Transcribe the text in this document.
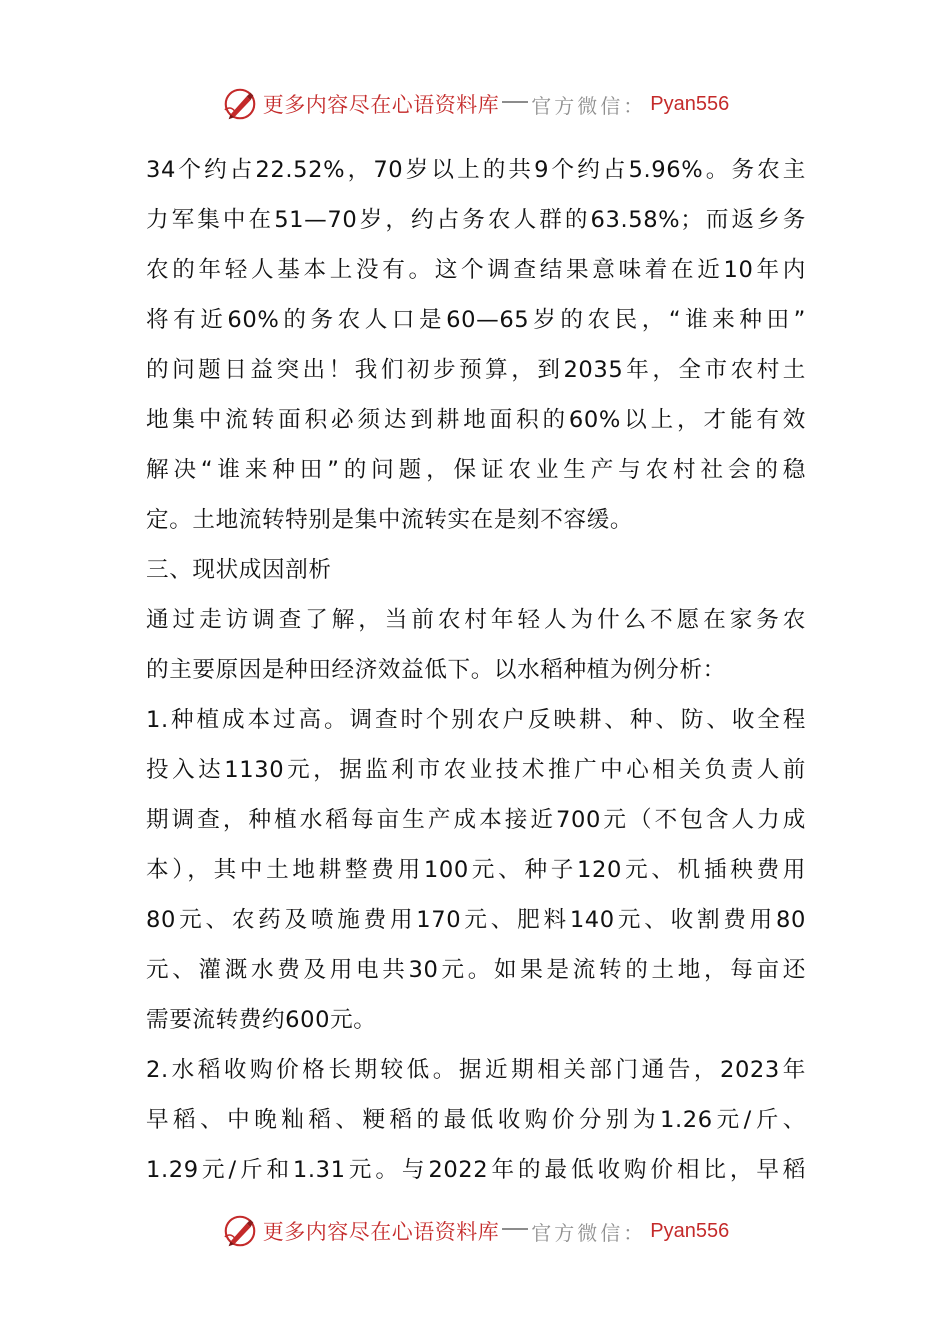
更多内容尽在心语资料库 官方微信： Pyan556
34个约占22.52%，70岁以上的共9个约占5.96%。务农主
力军集中在51—70岁，约占务农人群的63.58%；而返乡务
农的年轻人基本上没有。这个调查结果意味着在近10年内
将有近60%的务农人口是60—65岁的农民，“谁来种田”
的问题日益突出！我们初步预算，到2035年，全市农村土
地集中流转面积必须达到耕地面积的60%以上，才能有效
解决“谁来种田”的问题，保证农业生产与农村社会的稳
定。土地流转特别是集中流转实在是刻不容缓。
三、现状成因剖析
通过走访调查了解，当前农村年轻人为什么不愿在家务农
的主要原因是种田经济效益低下。以水稻种植为例分析：
1.种植成本过高。调查时个别农户反映耕、种、防、收全程
投入达1130元，据监利市农业技术推广中心相关负责人前
期调查，种植水稻每亩生产成本接近700元（不包含人力成
本），其中土地耕整费用100元、种子120元、机插秧费用
80元、农药及喷施费用170元、肥料140元、收割费用80
元、灌溉水费及用电共30元。如果是流转的土地，每亩还
需要流转费约600元。
2.水稻收购价格长期较低。据近期相关部门通告，2023年
早稻、中晚籼稻、粳稻的最低收购价分别为1.26元/斤、
1.29元/斤和1.31元。与2022年的最低收购价相比，早稻
更多内容尽在心语资料库 官方微信： Pyan556
